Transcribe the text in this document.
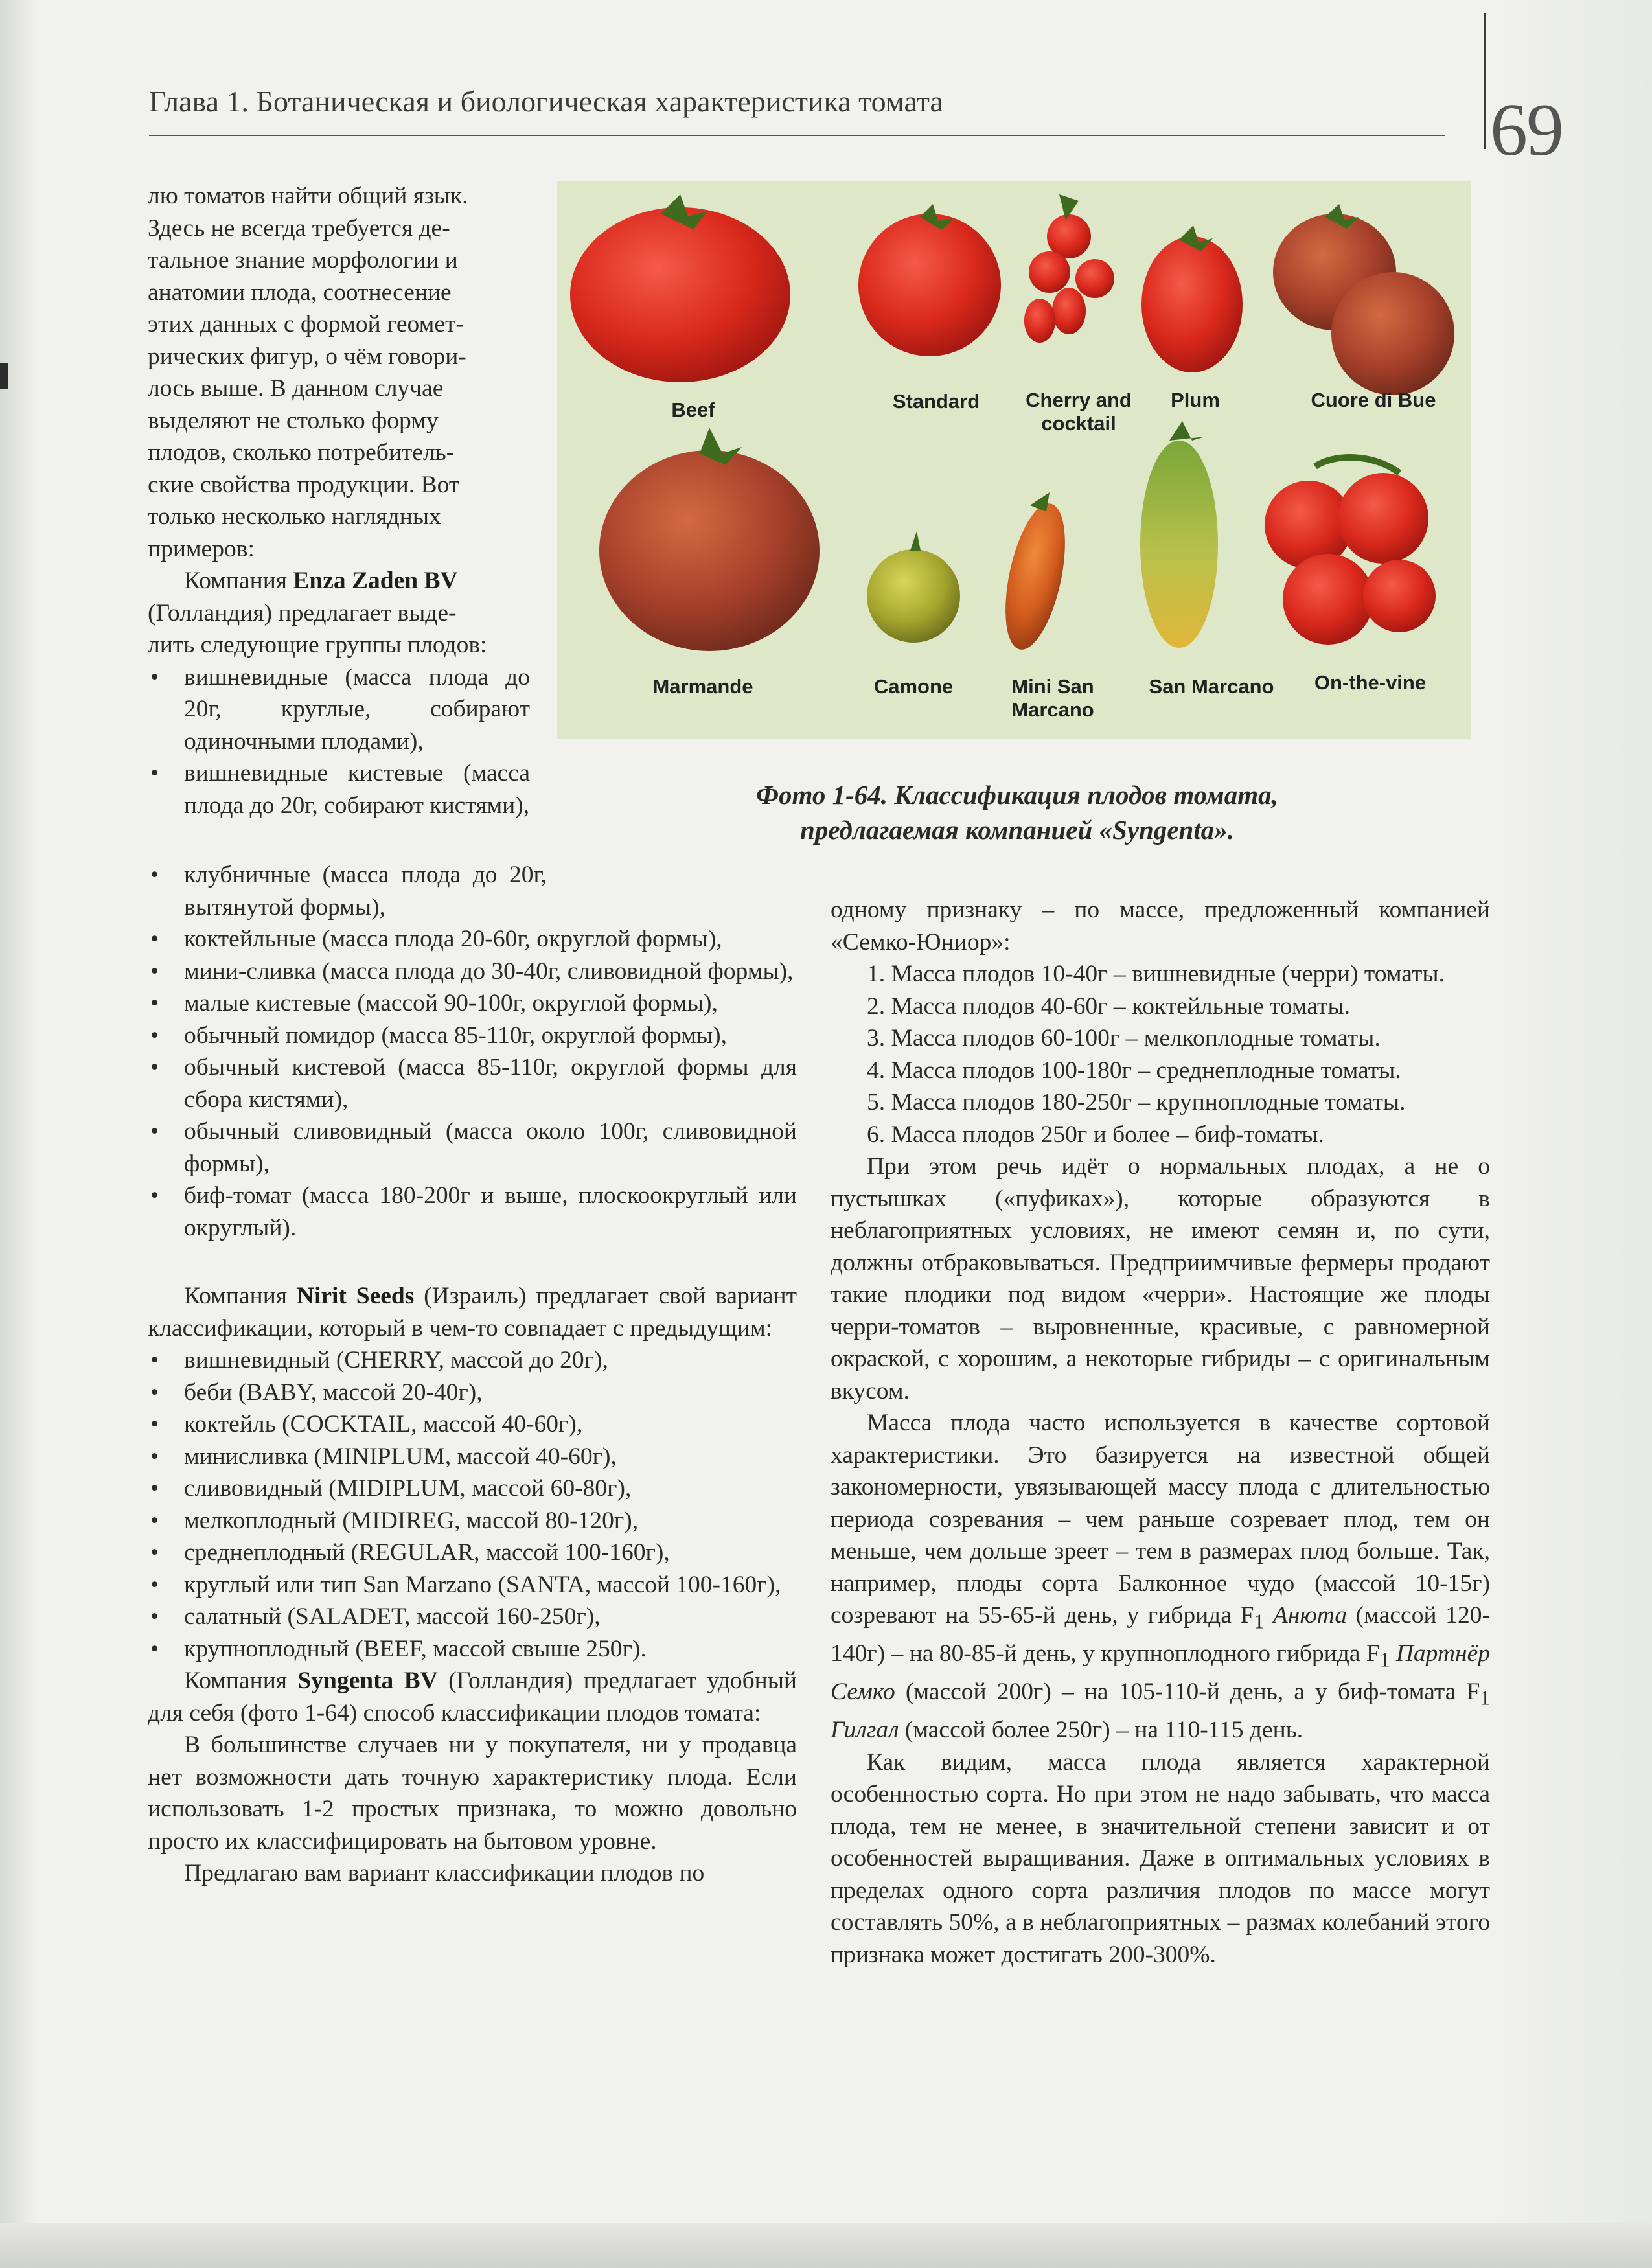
Глава 1. Ботаническая и биологическая характеристика томата	69

лю томатов найти общий язык.

Здесь не всегда требуется де-

тальное знание морфологии и

анатомии плода, соотнесение

этих данных с формой геомет-

рических фигур, о чём говори-

лось выше. В данном случае

выделяют не столько форму

плодов, сколько потребитель-

ские свойства продукции. Вот

только несколько наглядных

примеров:

Компания Enza Zaden BV

(Голландия) предлагает выде-

лить следующие группы плодов:

• вишневидные (масса плода до 20г, круглые, собирают одиночными плодами),
• вишневидные кистевые (масса плода до 20г, собирают кистями),
• клубничные (масса плода до 20г, вытянутой формы),
• коктейльные (масса плода 20-60г, округлой формы),
• мини-сливка (масса плода до 30-40г, сливовидной формы),
• малые кистевые (массой 90-100г, округлой формы),
• обычный помидор (масса 85-110г, округлой формы),
• обычный кистевой (масса 85-110г, округлой формы для сбора кистями),
• обычный сливовидный (масса около 100г, сливовидной формы),
• биф-томат (масса 180-200г и выше, плоскоокруглый или округлый).

Компания Nirit Seeds (Израиль) предлагает свой вариант классификации, который в чем-то совпадает с предыдущим:

• вишневидный (CHERRY, массой до 20г),
• беби (BABY, массой 20-40г),
• коктейль (COCKTAIL, массой 40-60г),
• минисливка (MINIPLUM, массой 40-60г),
• сливовидный (MIDIPLUM, массой 60-80г),
• мелкоплодный (MIDIREG, массой 80-120г),
• среднеплодный (REGULAR, массой 100-160г),
• круглый или тип San Marzano (SANTA, массой 100-160г),
• салатный (SALADET, массой 160-250г),
• крупноплодный (BEEF, массой свыше 250г).

Компания Syngenta BV (Голландия) предлагает удобный для себя (фото 1-64) способ классификации плодов томата:

В большинстве случаев ни у покупателя, ни у продавца нет возможности дать точную характеристику плода. Если использовать 1-2 простых признака, то можно довольно просто их классифицировать на бытовом уровне.

Предлагаю вам вариант классификации плодов по

Beef	Standard	Cherry and
cocktail
Plum	Cuore di Bue
Marmande	Camone	Mini San
Marcano
San Marcano	On-the-vine
Фото 1-64. Классификация плодов томата,
предлагаемая компанией «Syngenta».

одному признаку – по массе, предложенный компанией «Семко-Юниор»:

1. Масса плодов 10-40г – вишневидные (черри) томаты.

2. Масса плодов 40-60г – коктейльные томаты.

3. Масса плодов 60-100г – мелкоплодные томаты.

4. Масса плодов 100-180г – среднеплодные томаты.

5. Масса плодов 180-250г – крупноплодные томаты.

6. Масса плодов 250г и более – биф-томаты.

При этом речь идёт о нормальных плодах, а не о пустышках («пуфиках»), которые образуются в неблагоприятных условиях, не имеют семян и, по сути, должны отбраковываться. Предприимчивые фермеры продают такие плодики под видом «черри». Настоящие же плоды черри-томатов – выровненные, красивые, с равномерной окраской, с хорошим, а некоторые гибриды – с оригинальным вкусом.

Масса плода часто используется в качестве сортовой характеристики. Это базируется на известной общей закономерности, увязывающей массу плода с длительностью периода созревания – чем раньше созревает плод, тем он меньше, чем дольше зреет – тем в размерах плод больше. Так, например, плоды сорта Балконное чудо (массой 10-15г) созревают на 55-65-й день, у гибрида $F_1$ Анюта (массой 120-140г) – на 80-85-й день, у крупноплодного гибрида $F_1$ Партнёр Семко (массой 200г) – на 105-110-й день, а у биф-томата $F_1$ Гилгал (массой более 250г) – на 110-115 день.

Как видим, масса плода является характерной особенностью сорта. Но при этом не надо забывать, что масса плода, тем не менее, в значительной степени зависит и от особенностей выращивания. Даже в оптимальных условиях в пределах одного сорта различия плодов по массе могут составлять 50%, а в неблагоприятных – размах колебаний этого признака может достигать 200-300%.
